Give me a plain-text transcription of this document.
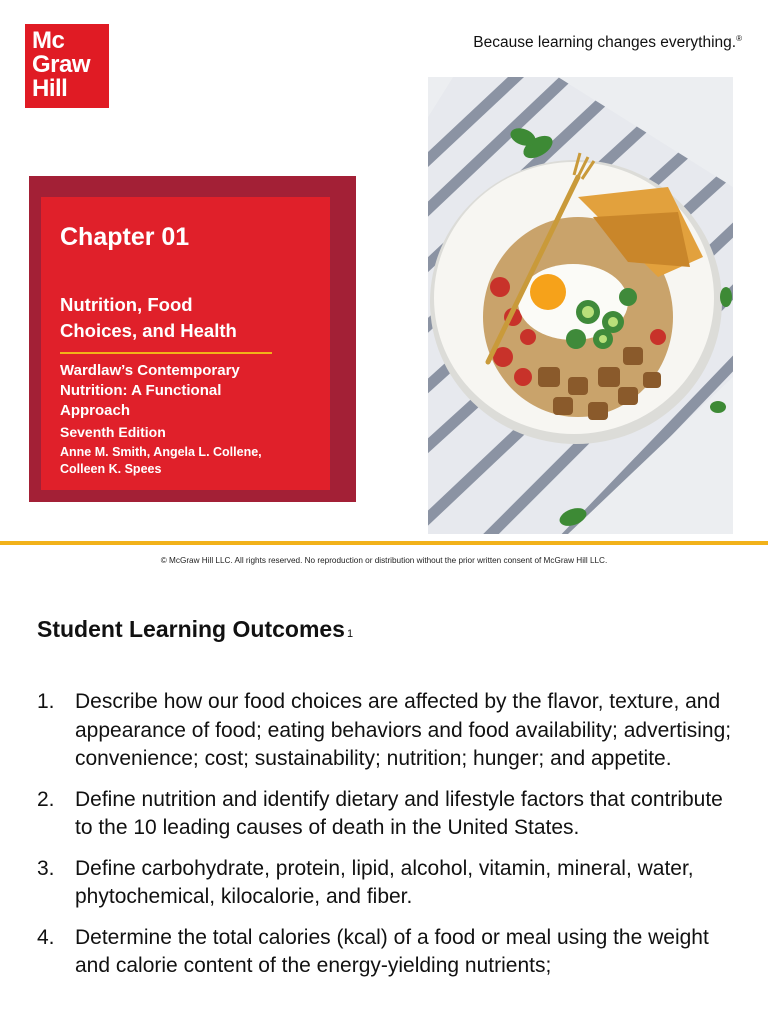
Mc
Graw
Hill
Because learning changes everything.®
Chapter 01
Nutrition, Food
Choices, and Health
Wardlaw’s Contemporary Nutrition: A Functional Approach
Seventh Edition
Anne M. Smith, Angela L. Collene, Colleen K. Spees
© McGraw Hill LLC. All rights reserved. No reproduction or distribution without the prior written consent of McGraw Hill LLC.
Student Learning Outcomes 1
1. Describe how our food choices are affected by the flavor, texture, and appearance of food; eating behaviors and food availability; advertising; convenience; cost; sustainability; nutrition; hunger; and appetite.
2. Define nutrition and identify dietary and lifestyle factors that contribute to the 10 leading causes of death in the United States.
3. Define carbohydrate, protein, lipid, alcohol, vitamin, mineral, water, phytochemical, kilocalorie, and fiber.
4. Determine the total calories (kcal) of a food or meal using the weight and calorie content of the energy-yielding nutrients;
